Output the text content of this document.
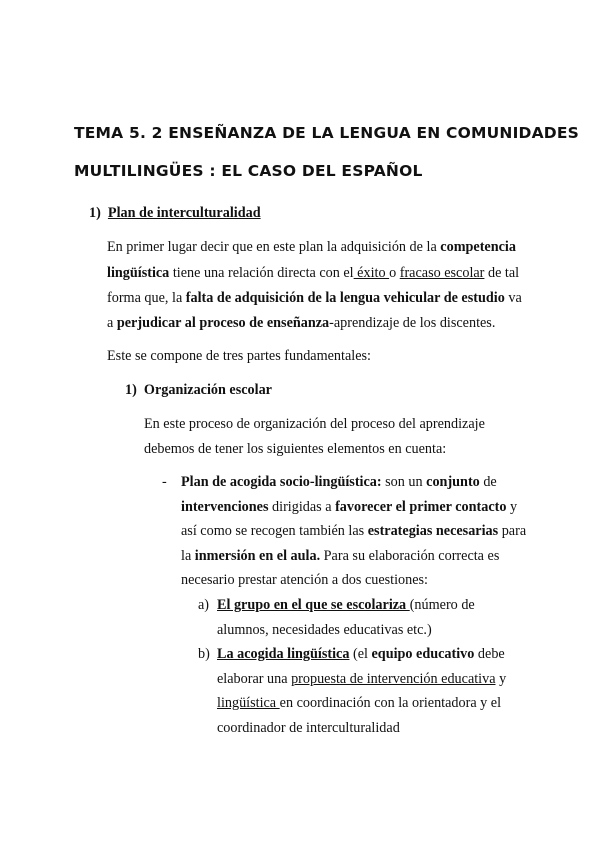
TEMA 5. 2 ENSEÑANZA DE LA LENGUA EN COMUNIDADES
MULTILINGÜES : EL CASO DEL ESPAÑOL
1) Plan de interculturalidad
En primer lugar decir que en este plan la adquisición de la competencia
lingüística tiene una relación directa con el éxito o fracaso escolar de tal
forma que, la falta de adquisición de la lengua vehicular de estudio va
a perjudicar al proceso de enseñanza-aprendizaje de los discentes.
Este se compone de tres partes fundamentales:
1) Organización escolar
En este proceso de organización del proceso del aprendizaje
debemos de tener los siguientes elementos en cuenta:
- Plan de acogida socio-lingüística: son un conjunto de
intervenciones dirigidas a favorecer el primer contacto y
así como se recogen también las estrategias necesarias para
la inmersión en el aula. Para su elaboración correcta es
necesario prestar atención a dos cuestiones:
a) El grupo en el que se escolariza (número de
alumnos, necesidades educativas etc.)
b) La acogida lingüística (el equipo educativo debe
elaborar una propuesta de intervención educativa y
lingüística en coordinación con la orientadora y el
coordinador de interculturalidad
